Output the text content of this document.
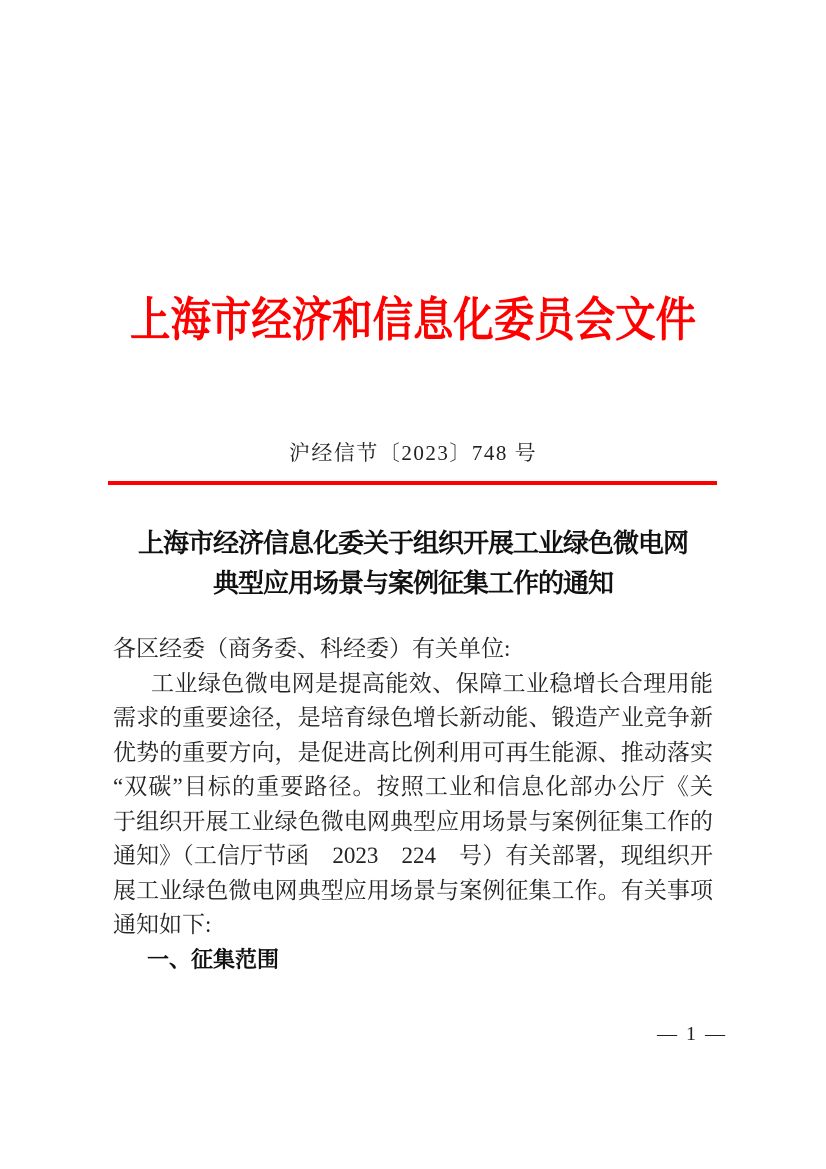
上海市经济和信息化委员会文件
沪经信节〔2023〕748 号
上海市经济信息化委关于组织开展工业绿色微电网
典型应用场景与案例征集工作的通知
各区经委（商务委、科经委）有关单位:
工业绿色微电网是提高能效、保障工业稳增长合理用能
需求的重要途径，是培育绿色增长新动能、锻造产业竞争新
优势的重要方向，是促进高比例利用可再生能源、推动落实
“双碳”目标的重要路径。按照工业和信息化部办公厅《关
于组织开展工业绿色微电网典型应用场景与案例征集工作的
通知》（工信厅节函　2023　224　号）有关部署，现组织开
展工业绿色微电网典型应用场景与案例征集工作。有关事项
通知如下:
一、征集范围
— 1 —
